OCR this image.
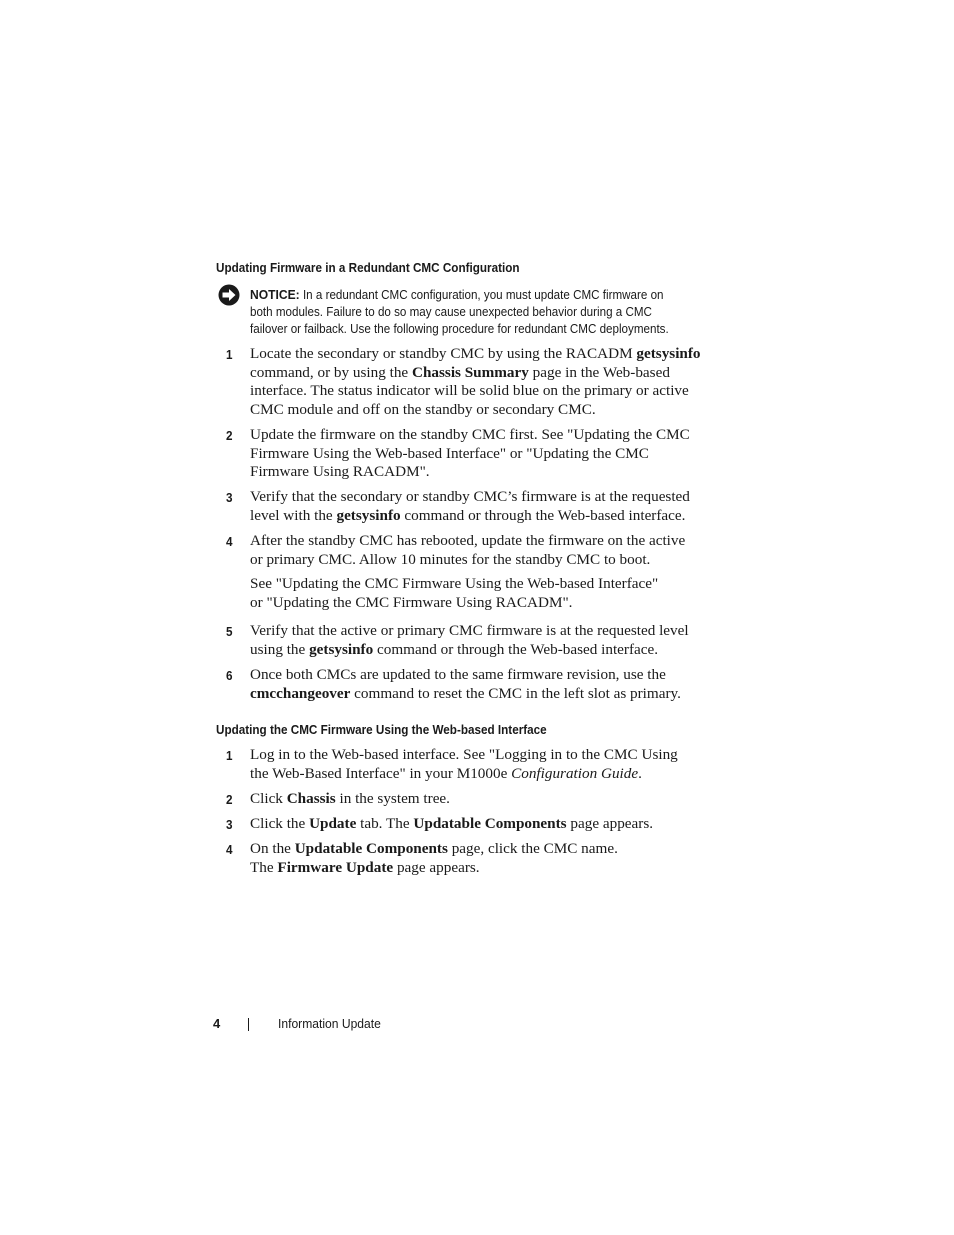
Updating Firmware in a Redundant CMC Configuration
NOTICE: In a redundant CMC configuration, you must update CMC firmware on
both modules. Failure to do so may cause unexpected behavior during a CMC
failover or failback. Use the following procedure for redundant CMC deployments.
1	Locate the secondary or standby CMC by using the RACADM getsysinfo
command, or by using the Chassis Summary page in the Web-based
interface. The status indicator will be solid blue on the primary or active
CMC module and off on the standby or secondary CMC.
2	Update the firmware on the standby CMC first. See "Updating the CMC
Firmware Using the Web-based Interface" or "Updating the CMC
Firmware Using RACADM".
3	Verify that the secondary or standby CMC’s firmware is at the requested
level with the getsysinfo command or through the Web-based interface.
4	After the standby CMC has rebooted, update the firmware on the active
or primary CMC. Allow 10 minutes for the standby CMC to boot.
See "Updating the CMC Firmware Using the Web-based Interface"
or "Updating the CMC Firmware Using RACADM".
5	Verify that the active or primary CMC firmware is at the requested level
using the getsysinfo command or through the Web-based interface.
6	Once both CMCs are updated to the same firmware revision, use the
cmcchangeover command to reset the CMC in the left slot as primary.
Updating the CMC Firmware Using the Web-based Interface
1	Log in to the Web-based interface. See "Logging in to the CMC Using
the Web-Based Interface" in your M1000e Configuration Guide.
2	Click Chassis in the system tree.
3	Click the Update tab. The Updatable Components page appears.
4	On the Updatable Components page, click the CMC name.
The Firmware Update page appears.
4	Information Update
